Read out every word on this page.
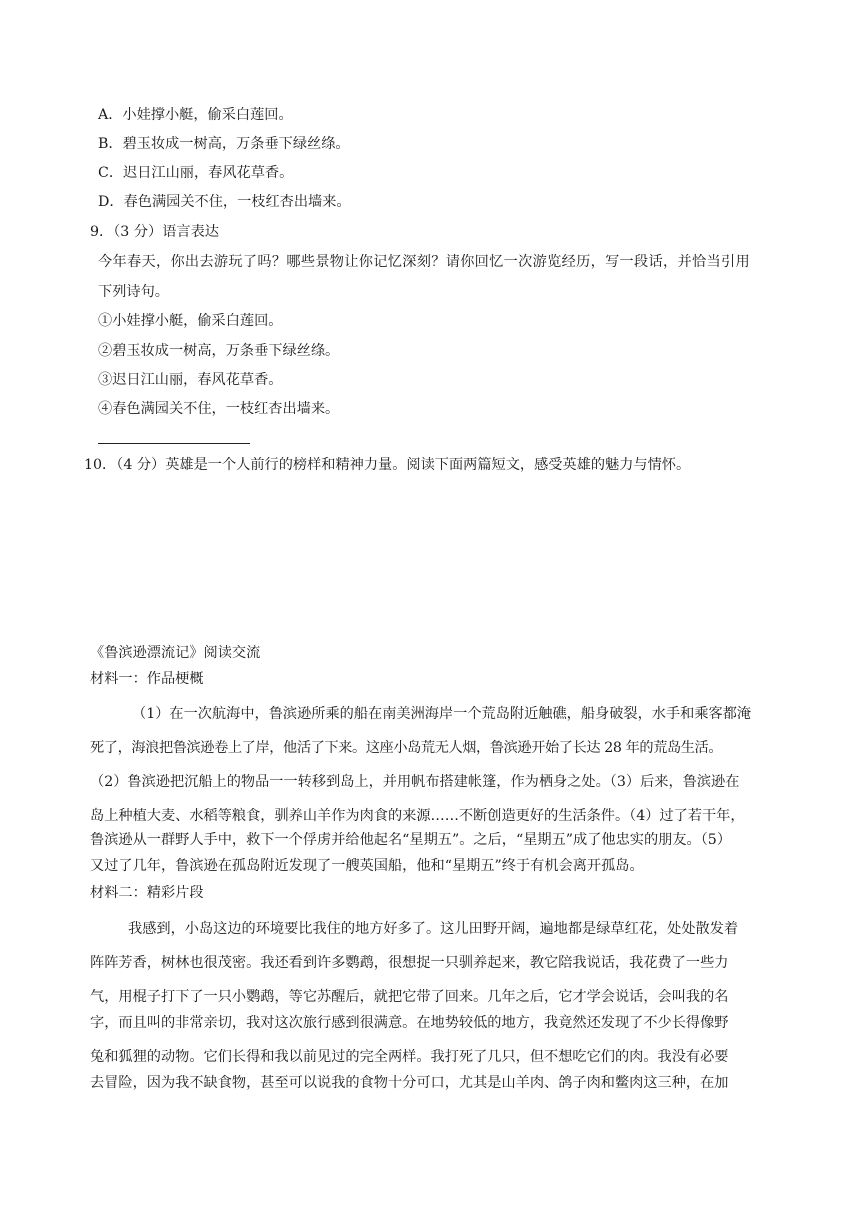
A．小娃撑小艇，偷采白莲回。
B．碧玉妆成一树高，万条垂下绿丝绦。
C．迟日江山丽，春风花草香。
D．春色满园关不住，一枝红杏出墙来。
9．（3 分）语言表达
今年春天，你出去游玩了吗？哪些景物让你记忆深刻？请你回忆一次游览经历，写一段话，并恰当引用
下列诗句。
①小娃撑小艇，偷采白莲回。
②碧玉妆成一树高，万条垂下绿丝绦。
③迟日江山丽，春风花草香。
④春色满园关不住，一枝红杏出墙来。
10．（4 分）英雄是一个人前行的榜样和精神力量。阅读下面两篇短文，感受英雄的魅力与情怀。
《鲁滨逊漂流记》阅读交流
材料一：作品梗概
（1）在一次航海中，鲁滨逊所乘的船在南美洲海岸一个荒岛附近触礁，船身破裂，水手和乘客都淹
死了，海浪把鲁滨逊卷上了岸，他活了下来。这座小岛荒无人烟，鲁滨逊开始了长达 28 年的荒岛生活。
（2）鲁滨逊把沉船上的物品一一转移到岛上，并用帆布搭建帐篷，作为栖身之处。（3）后来，鲁滨逊在
岛上种植大麦、水稻等粮食，驯养山羊作为肉食的来源……不断创造更好的生活条件。（4）过了若干年，
鲁滨逊从一群野人手中，救下一个俘虏并给他起名“星期五”。之后，“星期五”成了他忠实的朋友。（5）
又过了几年，鲁滨逊在孤岛附近发现了一艘英国船，他和“星期五”终于有机会离开孤岛。
材料二：精彩片段
我感到，小岛这边的环境要比我住的地方好多了。这儿田野开阔，遍地都是绿草红花，处处散发着
阵阵芳香，树林也很茂密。我还看到许多鹦鹉，很想捉一只驯养起来，教它陪我说话，我花费了一些力
气，用棍子打下了一只小鹦鹉，等它苏醒后，就把它带了回来。几年之后，它才学会说话，会叫我的名
字，而且叫的非常亲切，我对这次旅行感到很满意。在地势较低的地方，我竟然还发现了不少长得像野
兔和狐狸的动物。它们长得和我以前见过的完全两样。我打死了几只，但不想吃它们的肉。我没有必要
去冒险，因为我不缺食物，甚至可以说我的食物十分可口，尤其是山羊肉、鸽子肉和鳖肉这三种，在加
